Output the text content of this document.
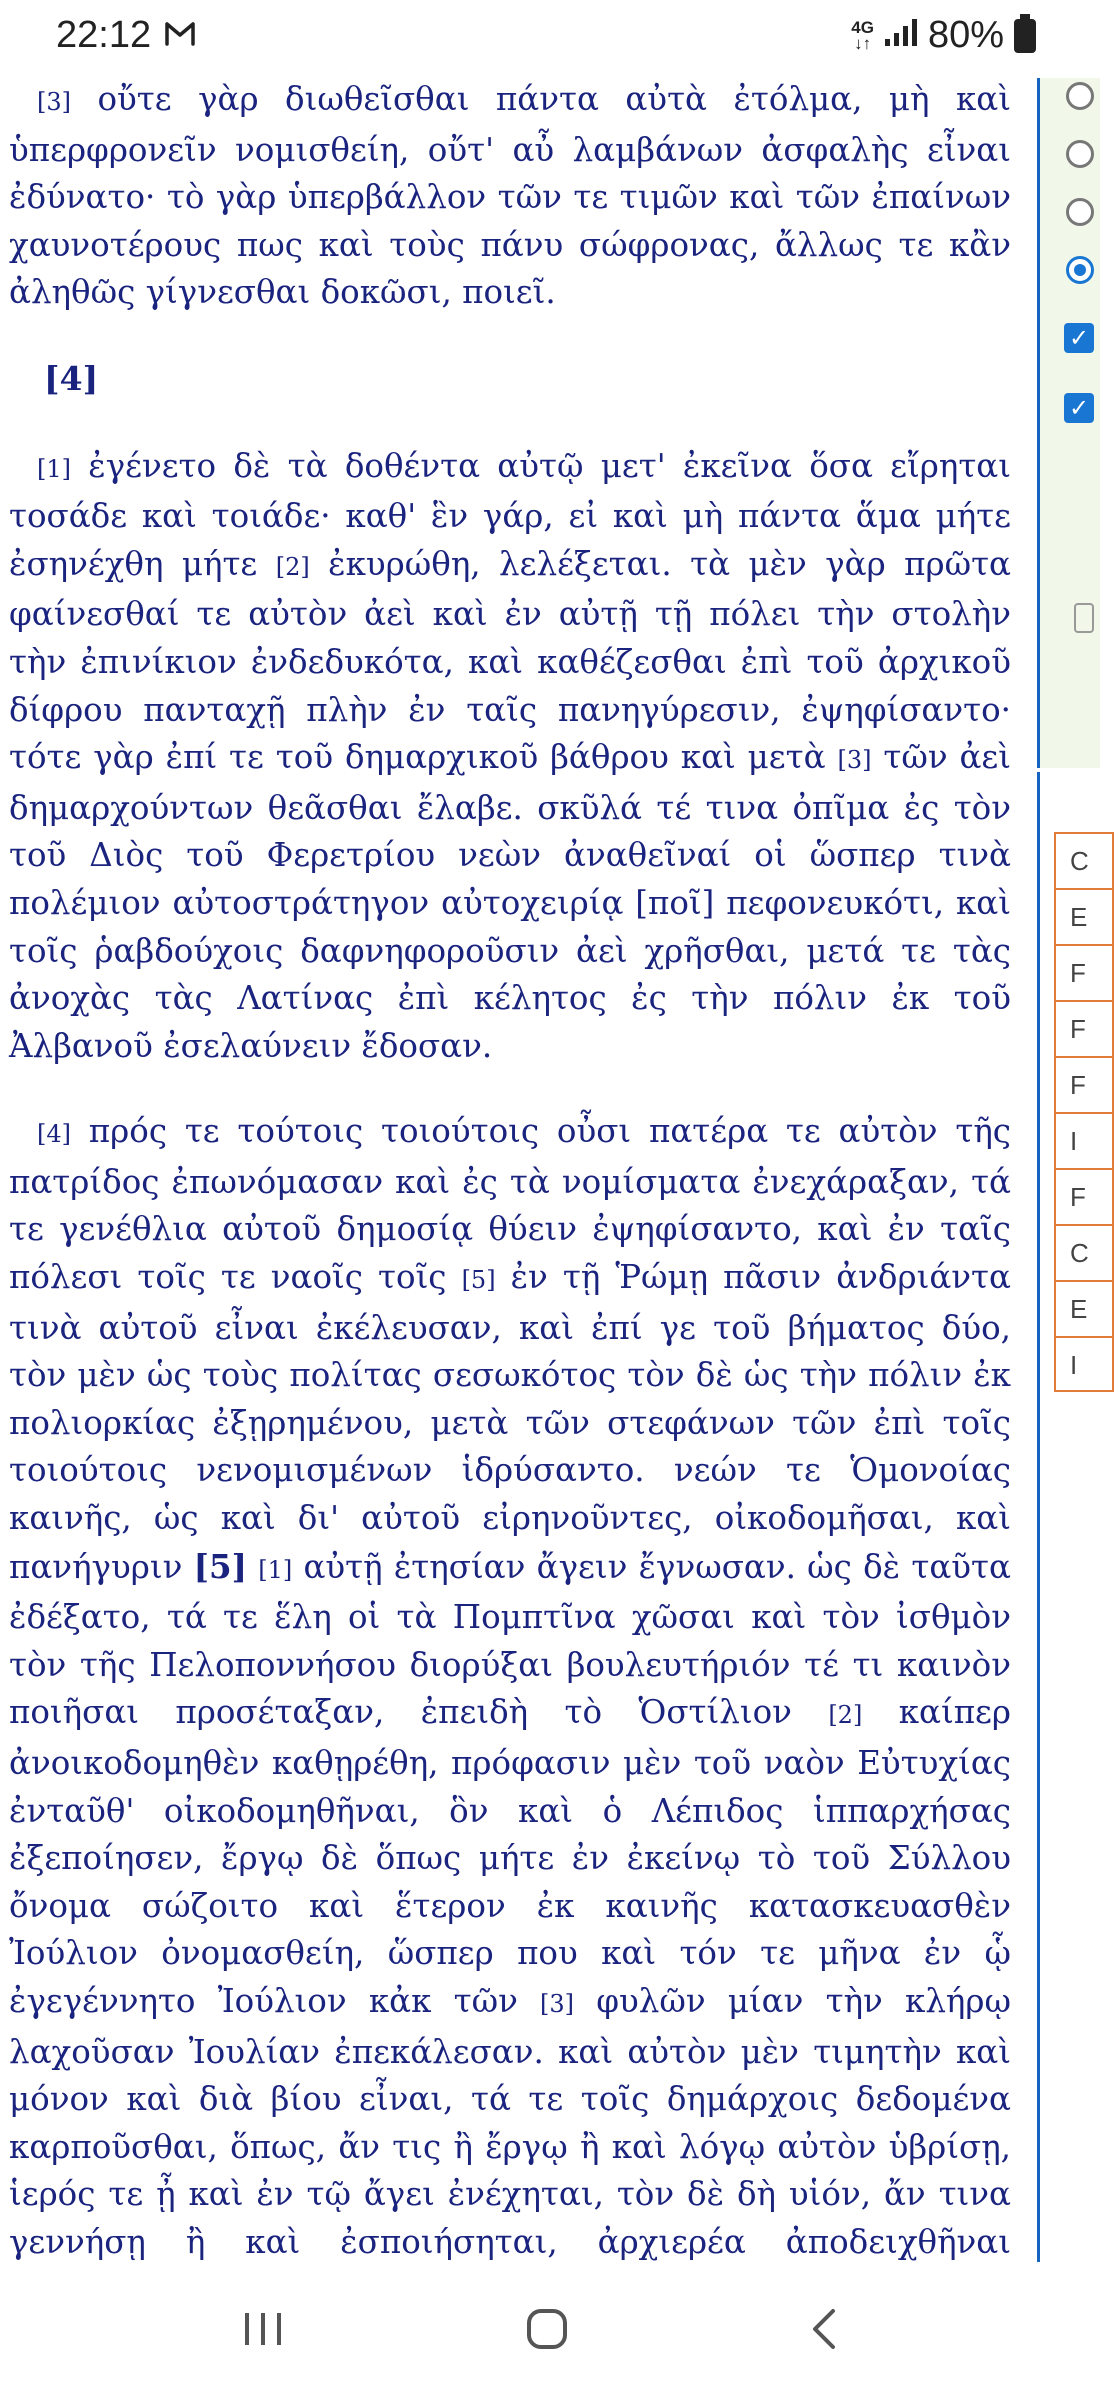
22:12	4G
↓↑ 80%
✓
✓
C
E
F
F
F
I
F
C
E
I

[3] οὔτε γὰρ διωθεῖσθαι πάντα αὐτὰ ἐτόλμα, μὴ καὶ ὑπερφρονεῖν νομισθείη, οὔτ' αὖ λαμβάνων ἀσφαλὴς εἶναι ἐδύνατο· τὸ γὰρ ὑπερβάλλον τῶν τε τιμῶν καὶ τῶν ἐπαίνων χαυνοτέρους πως καὶ τοὺς πάνυ σώφρονας, ἄλλως τε κἂν ἀληθῶς γίγνεσθαι δοκῶσι, ποιεῖ.

[4]

[1] ἐγένετο δὲ τὰ δοθέντα αὐτῷ μετ' ἐκεῖνα ὅσα εἴρηται τοσάδε καὶ τοιάδε· καθ' ἓν γάρ, εἰ καὶ μὴ πάντα ἅμα μήτε ἐσηνέχθη μήτε [2] ἐκυρώθη, λελέξεται. τὰ μὲν γὰρ πρῶτα φαίνεσθαί τε αὐτὸν ἀεὶ καὶ ἐν αὐτῇ τῇ πόλει τὴν στολὴν τὴν ἐπινίκιον ἐνδεδυκότα, καὶ καθέζεσθαι ἐπὶ τοῦ ἀρχικοῦ δίφρου πανταχῇ πλὴν ἐν ταῖς πανηγύρεσιν, ἐψηφίσαντο· τότε γὰρ ἐπί τε τοῦ δημαρχικοῦ βάθρου καὶ μετὰ [3] τῶν ἀεὶ δημαρχούντων θεᾶσθαι ἔλαβε. σκῦλά τέ τινα ὀπῖμα ἐς τὸν τοῦ Διὸς τοῦ Φερετρίου νεὼν ἀναθεῖναί οἱ ὥσπερ τινὰ πολέμιον αὐτοστράτηγον αὐτοχειρίᾳ [ποῖ] πεφονευκότι, καὶ τοῖς ῥαβδούχοις δαφνηφοροῦσιν ἀεὶ χρῆσθαι, μετά τε τὰς ἀνοχὰς τὰς Λατίνας ἐπὶ κέλητος ἐς τὴν πόλιν ἐκ τοῦ Ἀλβανοῦ ἐσελαύνειν ἔδοσαν.

[4] πρός τε τούτοις τοιούτοις οὖσι πατέρα τε αὐτὸν τῆς πατρίδος ἐπωνόμασαν καὶ ἐς τὰ νομίσματα ἐνεχάραξαν, τά τε γενέθλια αὐτοῦ δημοσίᾳ θύειν ἐψηφίσαντο, καὶ ἐν ταῖς πόλεσι τοῖς τε ναοῖς τοῖς [5] ἐν τῇ Ῥώμῃ πᾶσιν ἀνδριάντα τινὰ αὐτοῦ εἶναι ἐκέλευσαν, καὶ ἐπί γε τοῦ βήματος δύο, τὸν μὲν ὡς τοὺς πολίτας σεσωκότος τὸν δὲ ὡς τὴν πόλιν ἐκ πολιορκίας ἐξῃρημένου, μετὰ τῶν στεφάνων τῶν ἐπὶ τοῖς τοιούτοις νενομισμένων ἱδρύσαντο. νεών τε Ὁμονοίας καινῆς, ὡς καὶ δι' αὐτοῦ εἰρηνοῦντες, οἰκοδομῆσαι, καὶ πανήγυριν [5] [1] αὐτῇ ἐτησίαν ἄγειν ἔγνωσαν. ὡς δὲ ταῦτα ἐδέξατο, τά τε ἕλη οἱ τὰ Πομπτῖνα χῶσαι καὶ τὸν ἰσθμὸν τὸν τῆς Πελοποννήσου διορύξαι βουλευτήριόν τέ τι καινὸν ποιῆσαι προσέταξαν, ἐπειδὴ τὸ Ὁστίλιον [2] καίπερ ἀνοικοδομηθὲν καθῃρέθη, πρόφασιν μὲν τοῦ ναὸν Εὐτυχίας ἐνταῦθ' οἰκοδομηθῆναι, ὃν καὶ ὁ Λέπιδος ἱππαρχήσας ἐξεποίησεν, ἔργῳ δὲ ὅπως μήτε ἐν ἐκείνῳ τὸ τοῦ Σύλλου ὄνομα σώζοιτο καὶ ἕτερον ἐκ καινῆς κατασκευασθὲν Ἰούλιον ὀνομασθείη, ὥσπερ που καὶ τόν τε μῆνα ἐν ᾧ ἐγεγέννητο Ἰούλιον κἀκ τῶν [3] φυλῶν μίαν τὴν κλήρῳ λαχοῦσαν Ἰουλίαν ἐπεκάλεσαν. καὶ αὐτὸν μὲν τιμητὴν καὶ μόνον καὶ διὰ βίου εἶναι, τά τε τοῖς δημάρχοις δεδομένα καρποῦσθαι, ὅπως, ἄν τις ἢ ἔργῳ ἢ καὶ λόγῳ αὐτὸν ὑβρίσῃ, ἱερός τε ᾖ καὶ ἐν τῷ ἄγει ἐνέχηται, τὸν δὲ δὴ υἱόν, ἄν τινα γεννήσῃ ἢ καὶ ἐσποιήσηται, ἀρχιερέα ἀποδειχθῆναι
